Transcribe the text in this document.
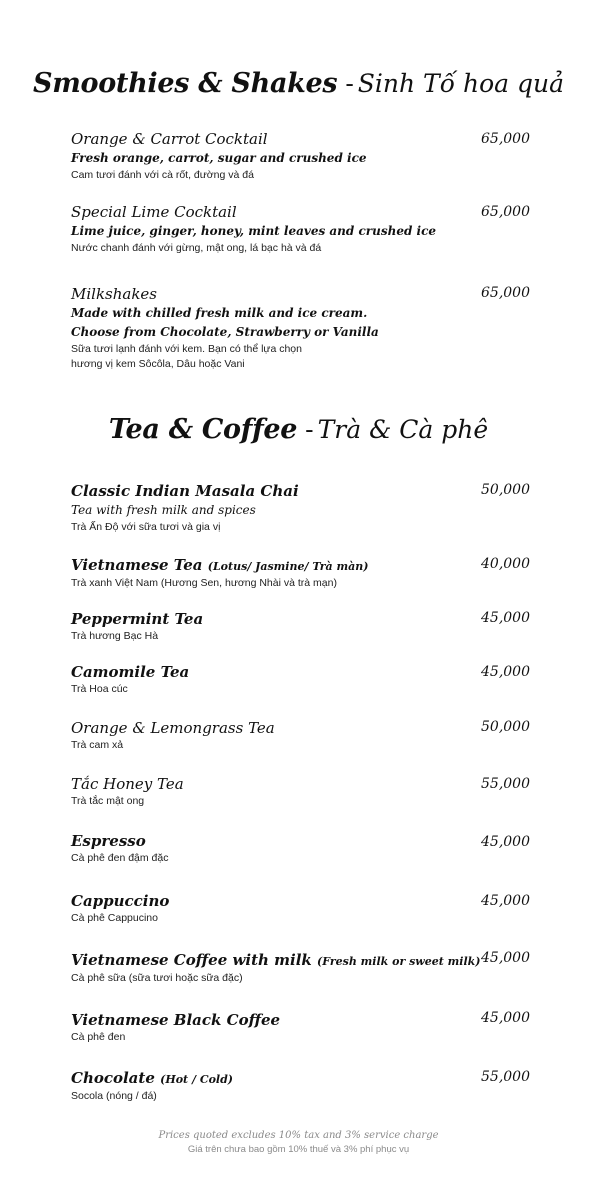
Smoothies & Shakes - Sinh Tố hoa quả
Orange & Carrot Cocktail
Fresh orange, carrot, sugar and crushed ice
Cam tươi đánh với cà rốt, đường và đá
65,000
Special Lime Cocktail
Lime juice, ginger, honey, mint leaves and crushed ice
Nước chanh đánh với gừng, mật ong, lá bạc hà và đá
65,000
Milkshakes
Made with chilled fresh milk and ice cream.
Choose from Chocolate, Strawberry or Vanilla
Sữa tươi lạnh đánh với kem. Bạn có thể lựa chọn
hương vị kem Sôcôla, Dâu hoặc Vani
65,000
Tea & Coffee - Trà & Cà phê
Classic Indian Masala Chai
Tea with fresh milk and spices
Trà Ấn Độ với sữa tươi và gia vị
50,000
Vietnamese Tea (Lotus/ Jasmine/ Trà màn)
Trà xanh Việt Nam (Hương Sen, hương Nhài và trà mạn)
40,000
Peppermint Tea
Trà hương Bạc Hà
45,000
Camomile Tea
Trà Hoa cúc
45,000
Orange & Lemongrass Tea
Trà cam xả
50,000
Tắc Honey Tea
Trà tắc mật ong
55,000
Espresso
Cà phê đen đậm đặc
45,000
Cappuccino
Cà phê Cappucino
45,000
Vietnamese Coffee with milk (Fresh milk or sweet milk)
Cà phê sữa (sữa tươi hoặc sữa đặc)
45,000
Vietnamese Black Coffee
Cà phê đen
45,000
Chocolate (Hot / Cold)
Socola (nóng / đá)
55,000
Prices quoted excludes 10% tax and 3% service charge
Giá trên chưa bao gồm 10% thuế và 3% phí phục vụ
